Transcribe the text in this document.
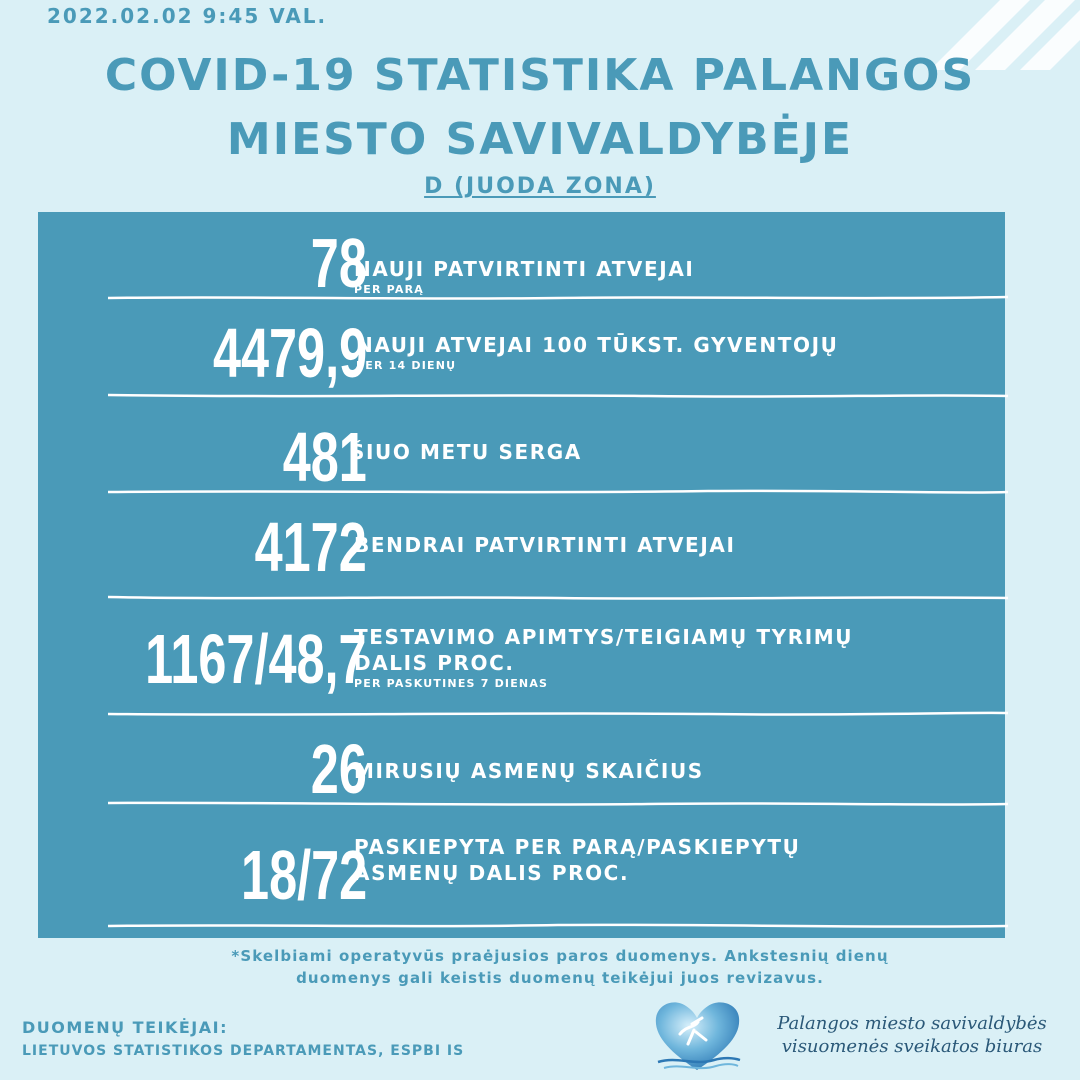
2022.02.02 9:45 VAL.
COVID-19 STATISTIKA PALANGOS
MIESTO SAVIVALDYBĖJE
D (JUODA ZONA)
78
NAUJI PATVIRTINTI ATVEJAI
PER PARĄ
4479,9
NAUJI ATVEJAI 100 TŪKST. GYVENTOJŲ
PER 14 DIENŲ
481
ŠIUO METU SERGA
4172
BENDRAI PATVIRTINTI ATVEJAI
1167/48,7
TESTAVIMO APIMTYS/TEIGIAMŲ TYRIMŲ
DALIS PROC.
PER PASKUTINES 7 DIENAS
26
MIRUSIŲ ASMENŲ SKAIČIUS
18/72
PASKIEPYTA PER PARĄ/PASKIEPYTŲ
ASMENŲ DALIS PROC.
*Skelbiami operatyvūs praėjusios paros duomenys. Ankstesnių dienų
duomenys gali keistis duomenų teikėjui juos revizavus.
DUOMENŲ TEIKĖJAI:
LIETUVOS STATISTIKOS DEPARTAMENTAS, ESPBI IS
Palangos miesto savivaldybės
visuomenės sveikatos biuras
